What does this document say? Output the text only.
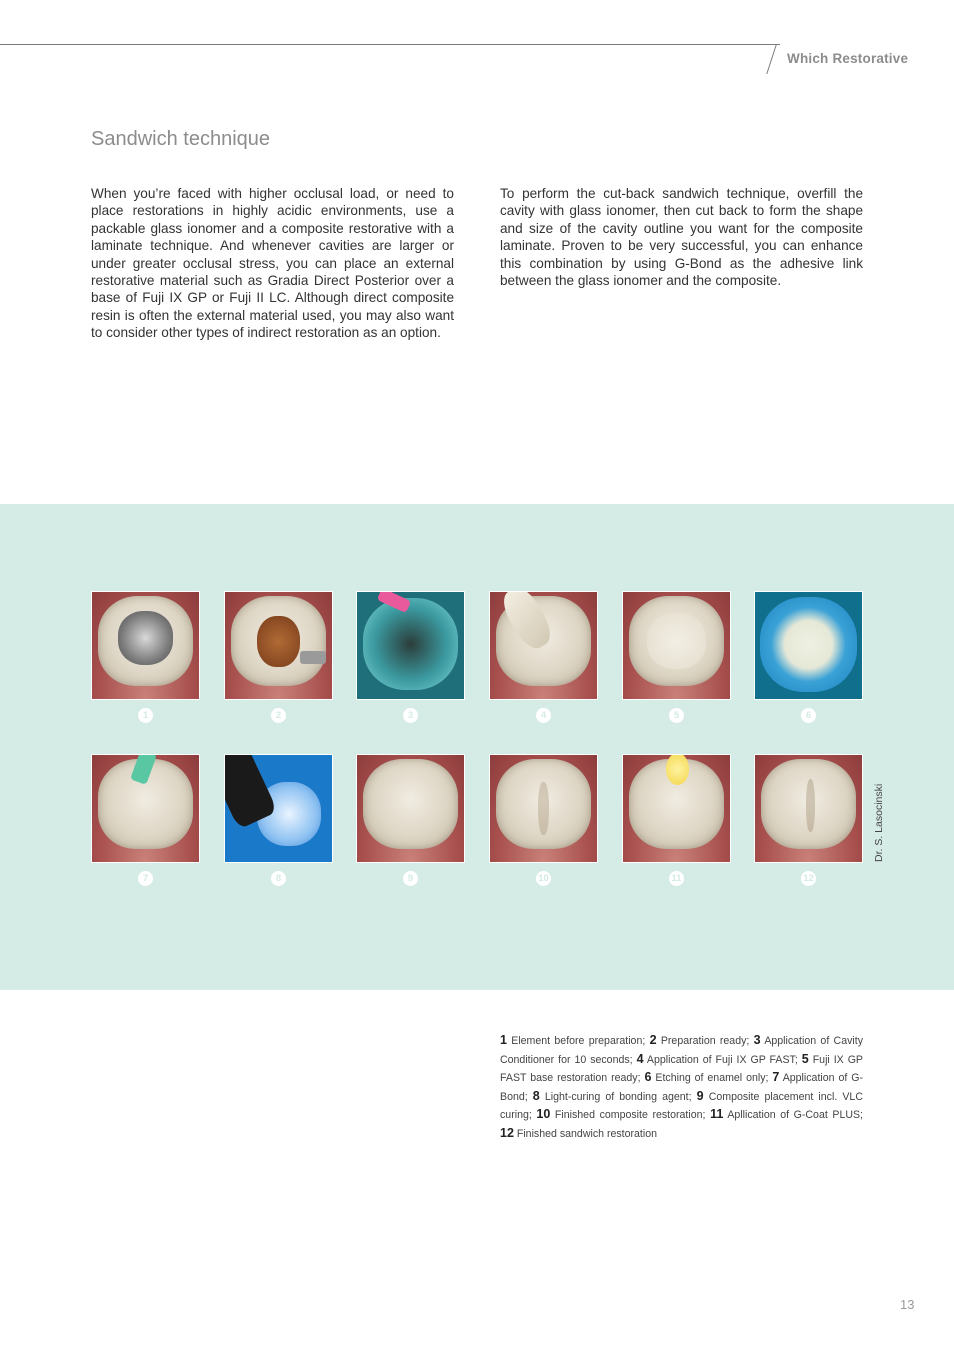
Which Restorative
Sandwich technique
When you’re faced with higher occlusal load, or need to place restorations in highly acidic environments, use a packable glass ionomer and a composite restorative with a laminate technique. And whenever cavities are larger or under greater occlusal stress, you can place an external restorative material such as Gradia Direct Posterior over a base of Fuji IX GP or Fuji II LC. Although direct composite resin is often the external material used, you may also want to consider other types of indirect restoration as an option.
To perform the cut-back sandwich technique, overfill the cavity with glass ionomer, then cut back to form the shape and size of the cavity outline you want for the composite laminate. Proven to be very successful, you can enhance this combination by using G-Bond as the adhesive link between the glass ionomer and the composite.
1	2	3	4	5	6
7	8	9	10	11	12
Dr. S. Lasocinski
1 Element before preparation; 2 Preparation ready; 3 Application of Cavity Conditioner for 10 seconds; 4 Application of Fuji IX GP FAST; 5 Fuji IX GP FAST base restoration ready; 6 Etching of enamel only; 7 Application of G-Bond; 8 Light-curing of bonding agent; 9 Composite placement incl. VLC curing; 10 Finished composite restoration; 11 Apllication of G-Coat PLUS; 12 Finished sandwich restoration
13
